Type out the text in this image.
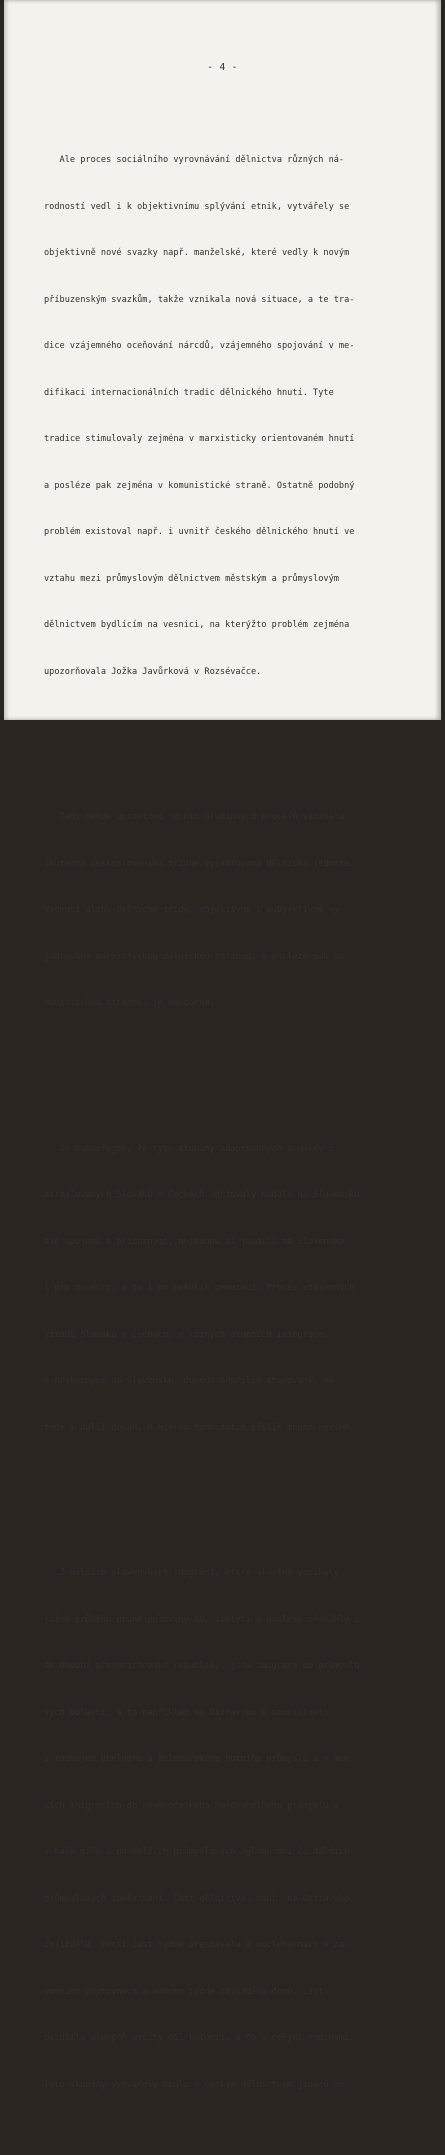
- 4 -

Ale proces sociálního vyrovnávání dělnictva různých ná-

rodností vedl i k objektivnímu splývání etnik, vytvářely se

objektivně nové svazky např. manželské, které vedly k novým

příbuzenským svazkům, takže vznikala nová situace, a te tra-

dice vzájemného oceňování nárcdů, vzájemného spojování v me-

difikaci internacionálních tradic dělnického hnutí. Tyte

tradice stimulovaly zejména v marxisticky orientovaném hnutí

a posléze pak zejména v komunistické straně. Ostatně podobný

problém existoval např. i uvnitř českého dělnického hnutí ve

vztahu mezi průmyslovým dělnictvem městským a průmyslovým

dělnictvem bydlícím na vesnici, na kterýžto problém zejména

upozorňovala Jožka Javůrková v Rozsévačce.

Tady někde uprostřed těchto hlubinných procesů vznikala

skutečně československá třídně vyjadřovaná dělnická jednota.

Vedoucí úloha dělnické třídy, objektivně i subjektivně vy-

jadřovaná marxistickou dělnickou stranou, a posléze pak ko-

munistickou stranou, je nesporná.

Je samozřejmé, že tyto skupiny adaptovaných a někdy i

asimilovaných Slováků v Čechách udržovaly nadále na Slovensku

své spojení s příbuznými, nejednou si jezdili na Slovensko

i pro nevěsty, a to i po několik generací. Proces vzájemných

vztahů Slováků v Čechách, v různých stupních integrace,

s příbuznými na Slovensku, dosoud nepříliš studovaný, má

tedy i další dosah, o kterém toho zatím příliš mnoho nevíme.

Z dalších slovenských imigrací, které vlastně vznikaly

již v průběhu druhé poloviny 19. století a posléze přesáhly i

do období předmnichovské republiky, jsou imigrace do průmyslo-

vých oblastí, a to například na Ostravsko v souvislosti

s rozvojem uhelného a železářského hutního průmyslu a v men-

ších imigracích do severočeského hnědouhelného průmyslu a

v malé míře i do dalších průmyslových aglomerací či dalších

průmyslových zaměstnání. Část dělnictva, např. na Ostravsko,

dojížděla, větší část týdně přespávala v noclehárnách a zá-

vodních ubytovnách a koncem týdne odjížděla domů, část

osídlila alespoň určitý díl kolonií, a to s celými rodinami.

Tyto skupiny vytvářely spolu s českým dělnictvem jisécu so-
